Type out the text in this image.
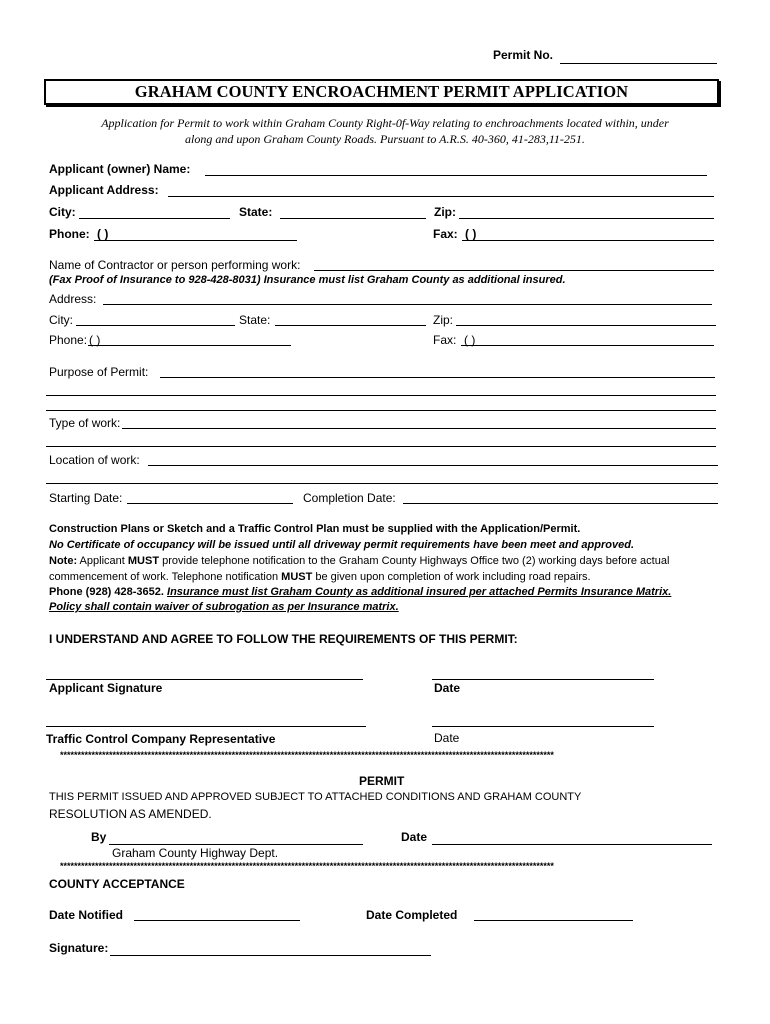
Permit No.
GRAHAM COUNTY ENCROACHMENT PERMIT APPLICATION
Application for Permit to work within Graham County Right-0f-Way relating to enchroachments located within, under
along and upon Graham County Roads. Pursuant to A.R.S. 40-360, 41-283,11-251.
Applicant (owner) Name:
Applicant Address:
City:	State:	Zip:
Phone: ( )	Fax: ( )
Name of Contractor or person performing work:
(Fax Proof of Insurance to 928-428-8031) Insurance must list Graham County as additional insured.
Address:
City:	State:	Zip:
Phone: ( )	Fax: ( )
Purpose of Permit:
Type of work:
Location of work:
Starting Date:	Completion Date:
Construction Plans or Sketch and a Traffic Control Plan must be supplied with the Application/Permit.
No Certificate of occupancy will be issued until all driveway permit requirements have been meet and approved.
Note: Applicant MUST provide telephone notification to the Graham County Highways Office two (2) working days before actual
commencement of work. Telephone notification MUST be given upon completion of work including road repairs.
Phone (928) 428-3652. Insurance must list Graham County as additional insured per attached Permits Insurance Matrix.
Policy shall contain waiver of subrogation as per Insurance matrix.
I UNDERSTAND AND AGREE TO FOLLOW THE REQUIREMENTS OF THIS PERMIT:
Applicant Signature	Date
Traffic Control Company Representative	Date
*********************************************************************************************************************************************
PERMIT
THIS PERMIT ISSUED AND APPROVED SUBJECT TO ATTACHED CONDITIONS AND GRAHAM COUNTY
RESOLUTION AS AMENDED.
By	Date
Graham County Highway Dept.
*********************************************************************************************************************************************
COUNTY ACCEPTANCE
Date Notified	Date Completed
Signature:
